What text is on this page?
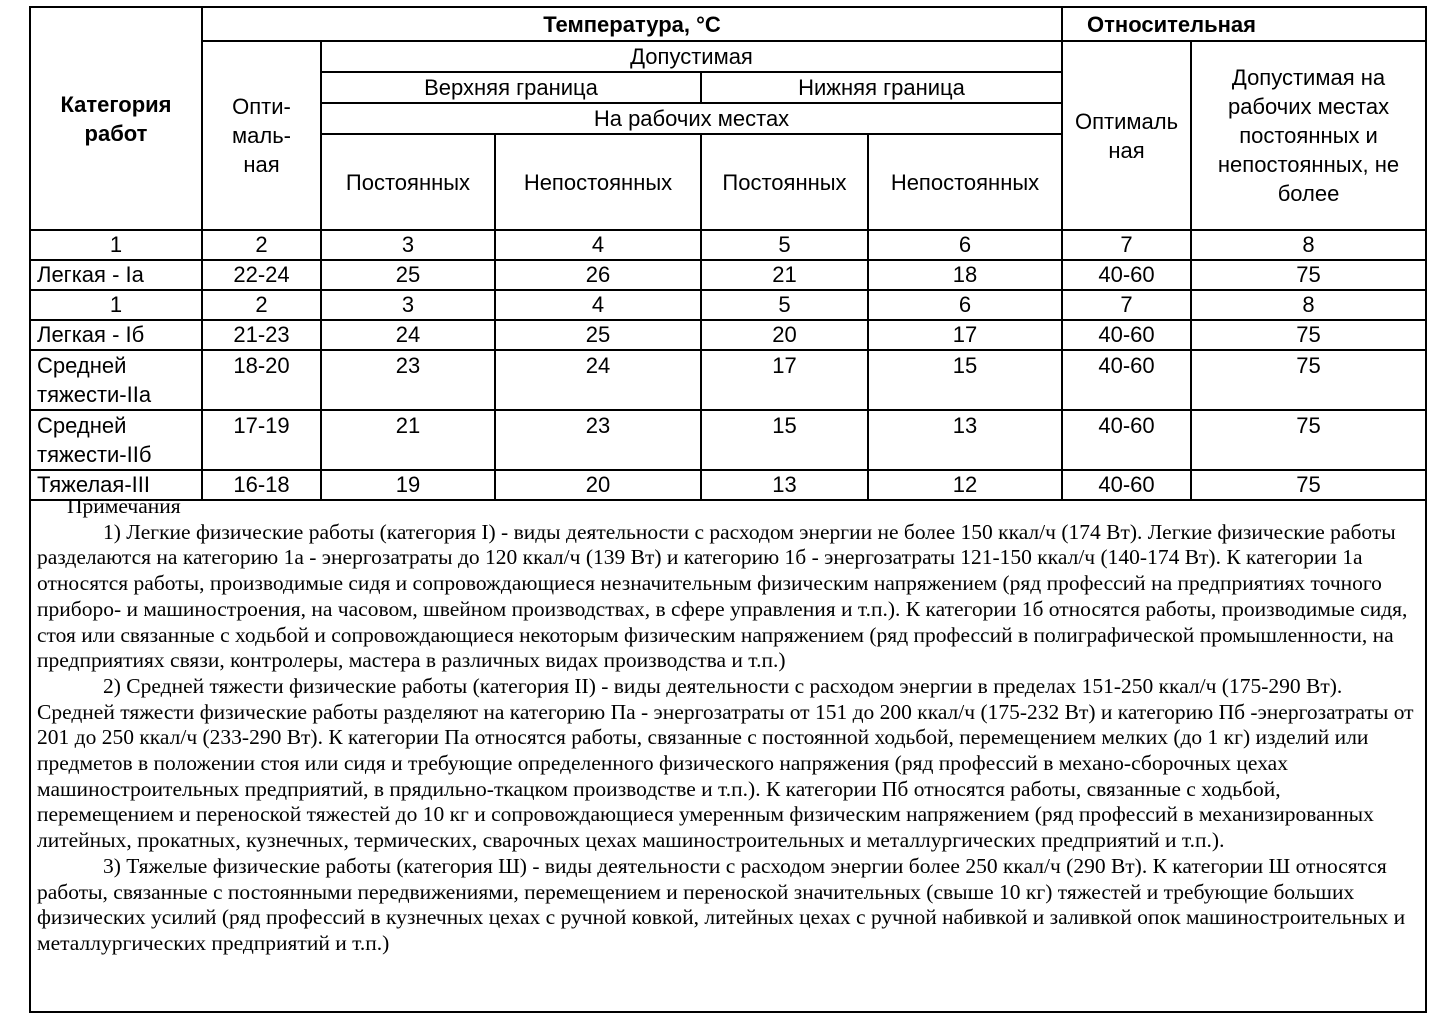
Категория работ	Температура, °С					Относительная	
	Опти-маль-ная	Допустимая				Оптималь ная	Допустимая на рабочих местах постоянных и непостоянных, не более
		Верхняя граница		Нижняя граница			
		На рабочих местах					
		Постоянных	Непостоянных	Постоянных	Непостоянных		
1	2	3	4	5	6	7	8
Легкая - Iа	22-24	25	26	21	18	40-60	75
1	2	3	4	5	6	7	8
Легкая - Iб	21-23	24	25	20	17	40-60	75
Средней тяжести-IIа	18-20	23	24	17	15	40-60	75
Средней тяжести-IIб	17-19	21	23	15	13	40-60	75
Тяжелая-III	16-18	19	20	13	12	40-60	75

Примечания

1) Легкие физические работы (категория I) - виды деятельности с расходом энергии не более 150 ккал/ч (174 Вт). Легкие физические работы разделаются на категорию 1а - энергозатраты до 120 ккал/ч (139 Вт) и категорию 1б - энергозатраты 121-150 ккал/ч (140-174 Вт). К категории 1а относятся работы, производимые сидя и сопровождающиеся незначительным физическим напряжением (ряд профессий на предприятиях точного приборо- и машиностроения, на часовом, швейном производствах, в сфере управления и т.п.). К категории 1б относятся работы, производимые сидя, стоя или связанные с ходьбой и сопровождающиеся некоторым физическим напряжением (ряд профессий в полиграфической промышленности, на предприятиях связи, контролеры, мастера в различных видах производства и т.п.)

2) Средней тяжести физические работы (категория II) - виды деятельности с расходом энергии в пределах 151-250 ккал/ч (175-290 Вт). Средней тяжести физические работы разделяют на категорию Па - энергозатраты от 151 до 200 ккал/ч (175-232 Вт) и категорию Пб -энергозатраты от 201 до 250 ккал/ч (233-290 Вт). К категории Па относятся работы, связанные с постоянной ходьбой, перемещением мелких (до 1 кг) изделий или предметов в положении стоя или сидя и требующие определенного физического напряжения (ряд профессий в механо-сборочных цехах машиностроительных предприятий, в прядильно-ткацком производстве и т.п.). К категории Пб относятся работы, связанные с ходьбой, перемещением и переноской тяжестей до 10 кг и сопровождающиеся умеренным физическим напряжением (ряд профессий в механизированных литейных, прокатных, кузнечных, термических, сварочных цехах машиностроительных и металлургических предприятий и т.п.).

3) Тяжелые физические работы (категория Ш) - виды деятельности с расходом энергии более 250 ккал/ч (290 Вт). К категории Ш относятся работы, связанные с постоянными передвижениями, перемещением и переноской значительных (свыше 10 кг) тяжестей и требующие больших физических усилий (ряд профессий в кузнечных цехах с ручной ковкой, литейных цехах с ручной набивкой и заливкой опок машиностроительных и металлургических предприятий и т.п.)
